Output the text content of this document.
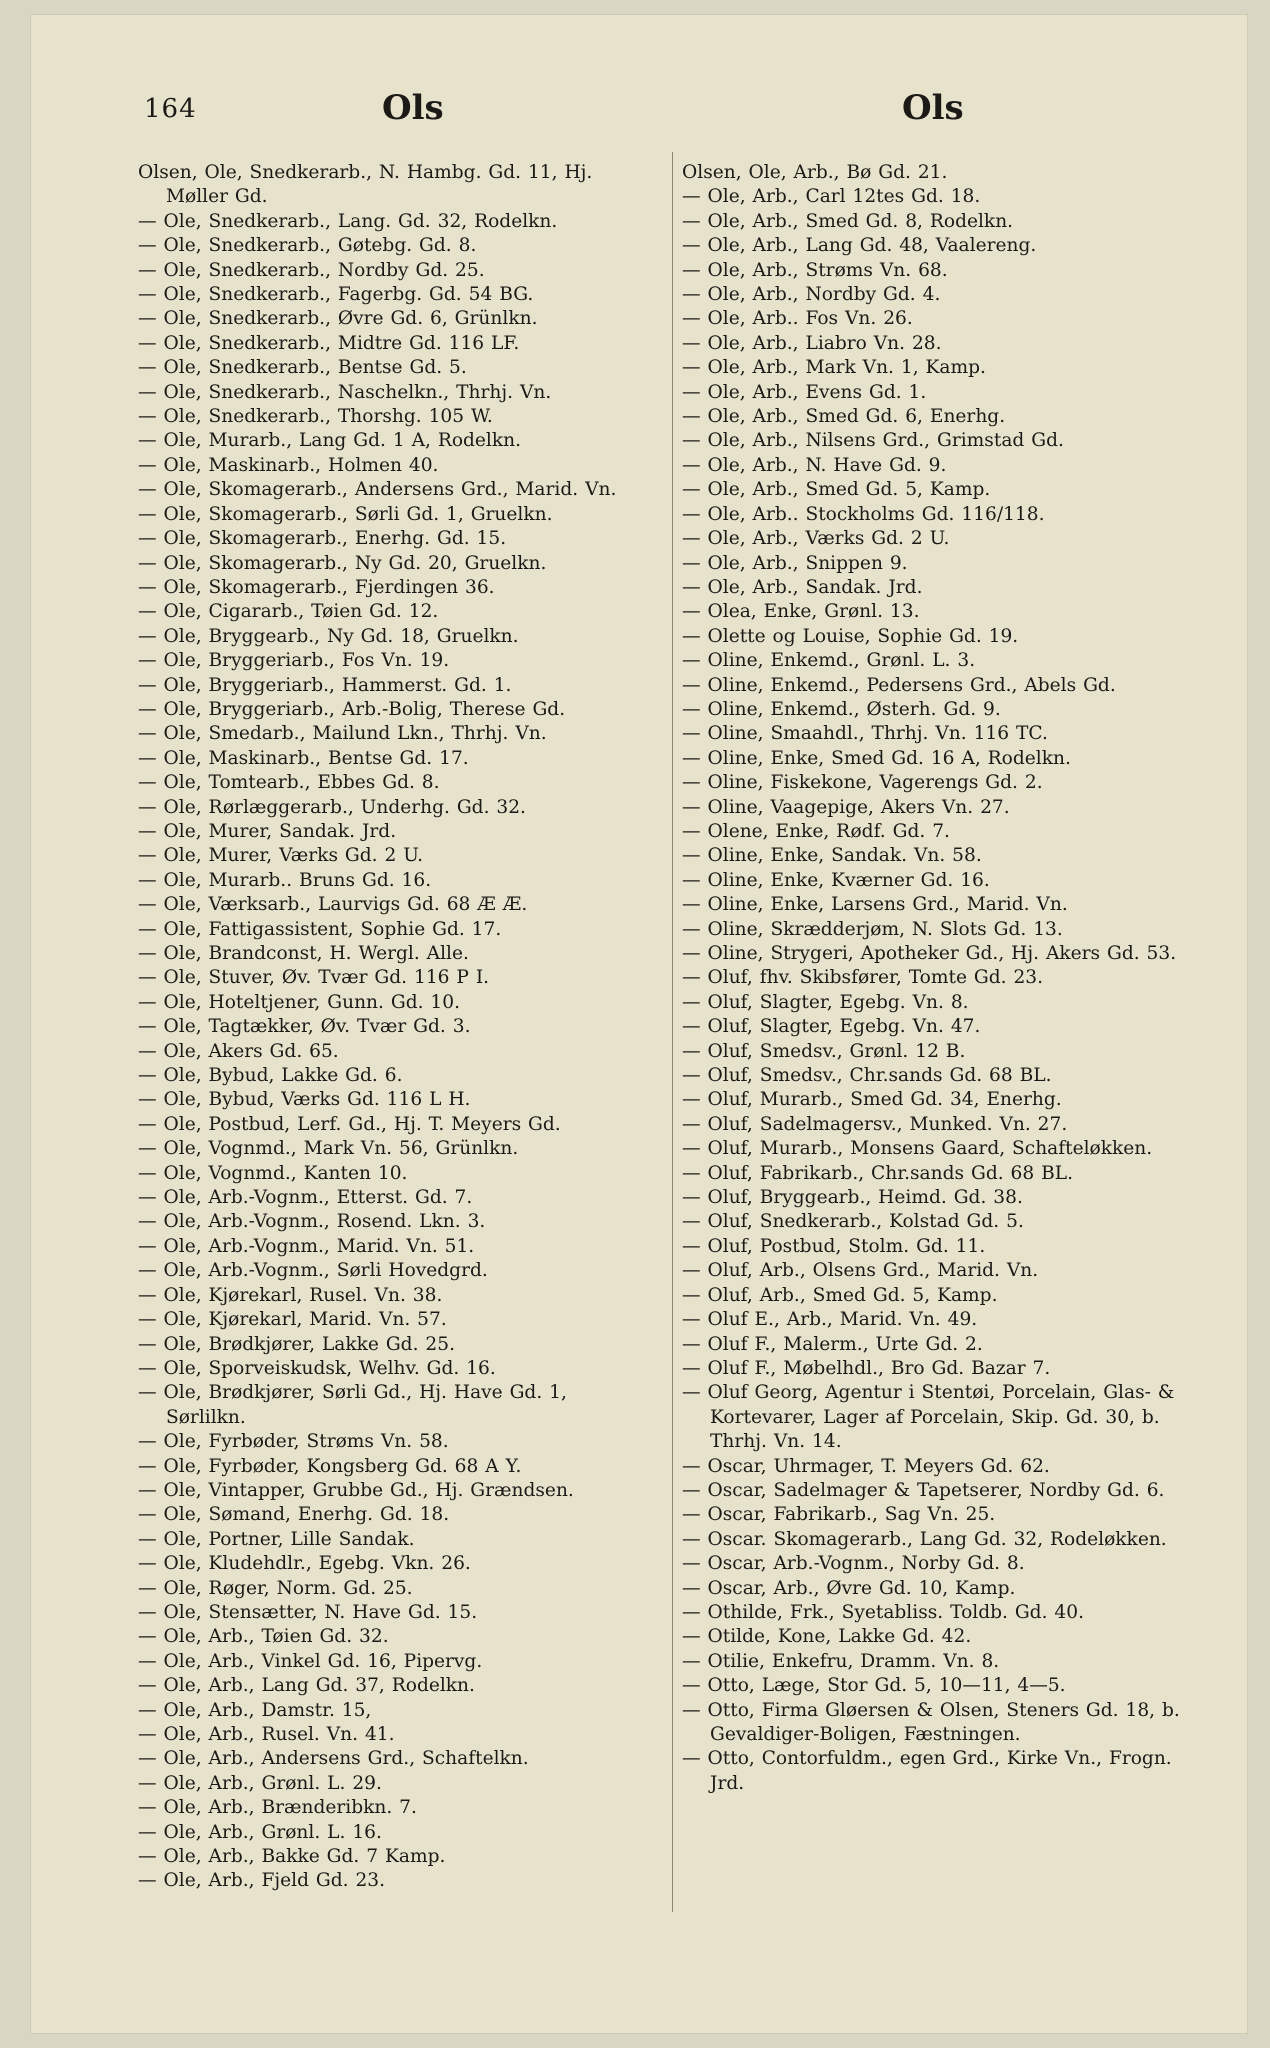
164	Ols	Ols
Olsen, Ole, Snedkerarb., N. Hambg. Gd. 11, Hj. Møller Gd.
— Ole, Snedkerarb., Lang. Gd. 32, Rodelkn.
— Ole, Snedkerarb., Gøtebg. Gd. 8.
— Ole, Snedkerarb., Nordby Gd. 25.
— Ole, Snedkerarb., Fagerbg. Gd. 54 BG.
— Ole, Snedkerarb., Øvre Gd. 6, Grünlkn.
— Ole, Snedkerarb., Midtre Gd. 116 LF.
— Ole, Snedkerarb., Bentse Gd. 5.
— Ole, Snedkerarb., Naschelkn., Thrhj. Vn.
— Ole, Snedkerarb., Thorshg. 105 W.
— Ole, Murarb., Lang Gd. 1 A, Rodelkn.
— Ole, Maskinarb., Holmen 40.
— Ole, Skomagerarb., Andersens Grd., Marid. Vn.
— Ole, Skomagerarb., Sørli Gd. 1, Gruelkn.
— Ole, Skomagerarb., Enerhg. Gd. 15.
— Ole, Skomagerarb., Ny Gd. 20, Gruelkn.
— Ole, Skomagerarb., Fjerdingen 36.
— Ole, Cigararb., Tøien Gd. 12.
— Ole, Bryggearb., Ny Gd. 18, Gruelkn.
— Ole, Bryggeriarb., Fos Vn. 19.
— Ole, Bryggeriarb., Hammerst. Gd. 1.
— Ole, Bryggeriarb., Arb.-Bolig, Therese Gd.
— Ole, Smedarb., Mailund Lkn., Thrhj. Vn.
— Ole, Maskinarb., Bentse Gd. 17.
— Ole, Tomtearb., Ebbes Gd. 8.
— Ole, Rørlæggerarb., Underhg. Gd. 32.
— Ole, Murer, Sandak. Jrd.
— Ole, Murer, Værks Gd. 2 U.
— Ole, Murarb.. Bruns Gd. 16.
— Ole, Værksarb., Laurvigs Gd. 68 Æ Æ.
— Ole, Fattigassistent, Sophie Gd. 17.
— Ole, Brandconst, H. Wergl. Alle.
— Ole, Stuver, Øv. Tvær Gd. 116 P I.
— Ole, Hoteltjener, Gunn. Gd. 10.
— Ole, Tagtækker, Øv. Tvær Gd. 3.
— Ole, Akers Gd. 65.
— Ole, Bybud, Lakke Gd. 6.
— Ole, Bybud, Værks Gd. 116 L H.
— Ole, Postbud, Lerf. Gd., Hj. T. Meyers Gd.
— Ole, Vognmd., Mark Vn. 56, Grünlkn.
— Ole, Vognmd., Kanten 10.
— Ole, Arb.-Vognm., Etterst. Gd. 7.
— Ole, Arb.-Vognm., Rosend. Lkn. 3.
— Ole, Arb.-Vognm., Marid. Vn. 51.
— Ole, Arb.-Vognm., Sørli Hovedgrd.
— Ole, Kjørekarl, Rusel. Vn. 38.
— Ole, Kjørekarl, Marid. Vn. 57.
— Ole, Brødkjører, Lakke Gd. 25.
— Ole, Sporveiskudsk, Welhv. Gd. 16.
— Ole, Brødkjører, Sørli Gd., Hj. Have Gd. 1, Sørlilkn.
— Ole, Fyrbøder, Strøms Vn. 58.
— Ole, Fyrbøder, Kongsberg Gd. 68 A Y.
— Ole, Vintapper, Grubbe Gd., Hj. Grændsen.
— Ole, Sømand, Enerhg. Gd. 18.
— Ole, Portner, Lille Sandak.
— Ole, Kludehdlr., Egebg. Vkn. 26.
— Ole, Røger, Norm. Gd. 25.
— Ole, Stensætter, N. Have Gd. 15.
— Ole, Arb., Tøien Gd. 32.
— Ole, Arb., Vinkel Gd. 16, Pipervg.
— Ole, Arb., Lang Gd. 37, Rodelkn.
— Ole, Arb., Damstr. 15,
— Ole, Arb., Rusel. Vn. 41.
— Ole, Arb., Andersens Grd., Schaftelkn.
— Ole, Arb., Grønl. L. 29.
— Ole, Arb., Brænderibkn. 7.
— Ole, Arb., Grønl. L. 16.
— Ole, Arb., Bakke Gd. 7 Kamp.
— Ole, Arb., Fjeld Gd. 23.
Olsen, Ole, Arb., Bø Gd. 21.
— Ole, Arb., Carl 12tes Gd. 18.
— Ole, Arb., Smed Gd. 8, Rodelkn.
— Ole, Arb., Lang Gd. 48, Vaalereng.
— Ole, Arb., Strøms Vn. 68.
— Ole, Arb., Nordby Gd. 4.
— Ole, Arb.. Fos Vn. 26.
— Ole, Arb., Liabro Vn. 28.
— Ole, Arb., Mark Vn. 1, Kamp.
— Ole, Arb., Evens Gd. 1.
— Ole, Arb., Smed Gd. 6, Enerhg.
— Ole, Arb., Nilsens Grd., Grimstad Gd.
— Ole, Arb., N. Have Gd. 9.
— Ole, Arb., Smed Gd. 5, Kamp.
— Ole, Arb.. Stockholms Gd. 116/118.
— Ole, Arb., Værks Gd. 2 U.
— Ole, Arb., Snippen 9.
— Ole, Arb., Sandak. Jrd.
— Olea, Enke, Grønl. 13.
— Olette og Louise, Sophie Gd. 19.
— Oline, Enkemd., Grønl. L. 3.
— Oline, Enkemd., Pedersens Grd., Abels Gd.
— Oline, Enkemd., Østerh. Gd. 9.
— Oline, Smaahdl., Thrhj. Vn. 116 TC.
— Oline, Enke, Smed Gd. 16 A, Rodelkn.
— Oline, Fiskekone, Vagerengs Gd. 2.
— Oline, Vaagepige, Akers Vn. 27.
— Olene, Enke, Rødf. Gd. 7.
— Oline, Enke, Sandak. Vn. 58.
— Oline, Enke, Kværner Gd. 16.
— Oline, Enke, Larsens Grd., Marid. Vn.
— Oline, Skrædderjøm, N. Slots Gd. 13.
— Oline, Strygeri, Apotheker Gd., Hj. Akers Gd. 53.
— Oluf, fhv. Skibsfører, Tomte Gd. 23.
— Oluf, Slagter, Egebg. Vn. 8.
— Oluf, Slagter, Egebg. Vn. 47.
— Oluf, Smedsv., Grønl. 12 B.
— Oluf, Smedsv., Chr.sands Gd. 68 BL.
— Oluf, Murarb., Smed Gd. 34, Enerhg.
— Oluf, Sadelmagersv., Munked. Vn. 27.
— Oluf, Murarb., Monsens Gaard, Schafteløkken.
— Oluf, Fabrikarb., Chr.sands Gd. 68 BL.
— Oluf, Bryggearb., Heimd. Gd. 38.
— Oluf, Snedkerarb., Kolstad Gd. 5.
— Oluf, Postbud, Stolm. Gd. 11.
— Oluf, Arb., Olsens Grd., Marid. Vn.
— Oluf, Arb., Smed Gd. 5, Kamp.
— Oluf E., Arb., Marid. Vn. 49.
— Oluf F., Malerm., Urte Gd. 2.
— Oluf F., Møbelhdl., Bro Gd. Bazar 7.
— Oluf Georg, Agentur i Stentøi, Porcelain, Glas- & Kortevarer, Lager af Porcelain, Skip. Gd. 30, b. Thrhj. Vn. 14.
— Oscar, Uhrmager, T. Meyers Gd. 62.
— Oscar, Sadelmager & Tapetserer, Nordby Gd. 6.
— Oscar, Fabrikarb., Sag Vn. 25.
— Oscar. Skomagerarb., Lang Gd. 32, Rodeløkken.
— Oscar, Arb.-Vognm., Norby Gd. 8.
— Oscar, Arb., Øvre Gd. 10, Kamp.
— Othilde, Frk., Syetabliss. Toldb. Gd. 40.
— Otilde, Kone, Lakke Gd. 42.
— Otilie, Enkefru, Dramm. Vn. 8.
— Otto, Læge, Stor Gd. 5, 10—11, 4—5.
— Otto, Firma Gløersen & Olsen, Steners Gd. 18, b. Gevaldiger-Boligen, Fæstningen.
— Otto, Contorfuldm., egen Grd., Kirke Vn., Frogn. Jrd.
